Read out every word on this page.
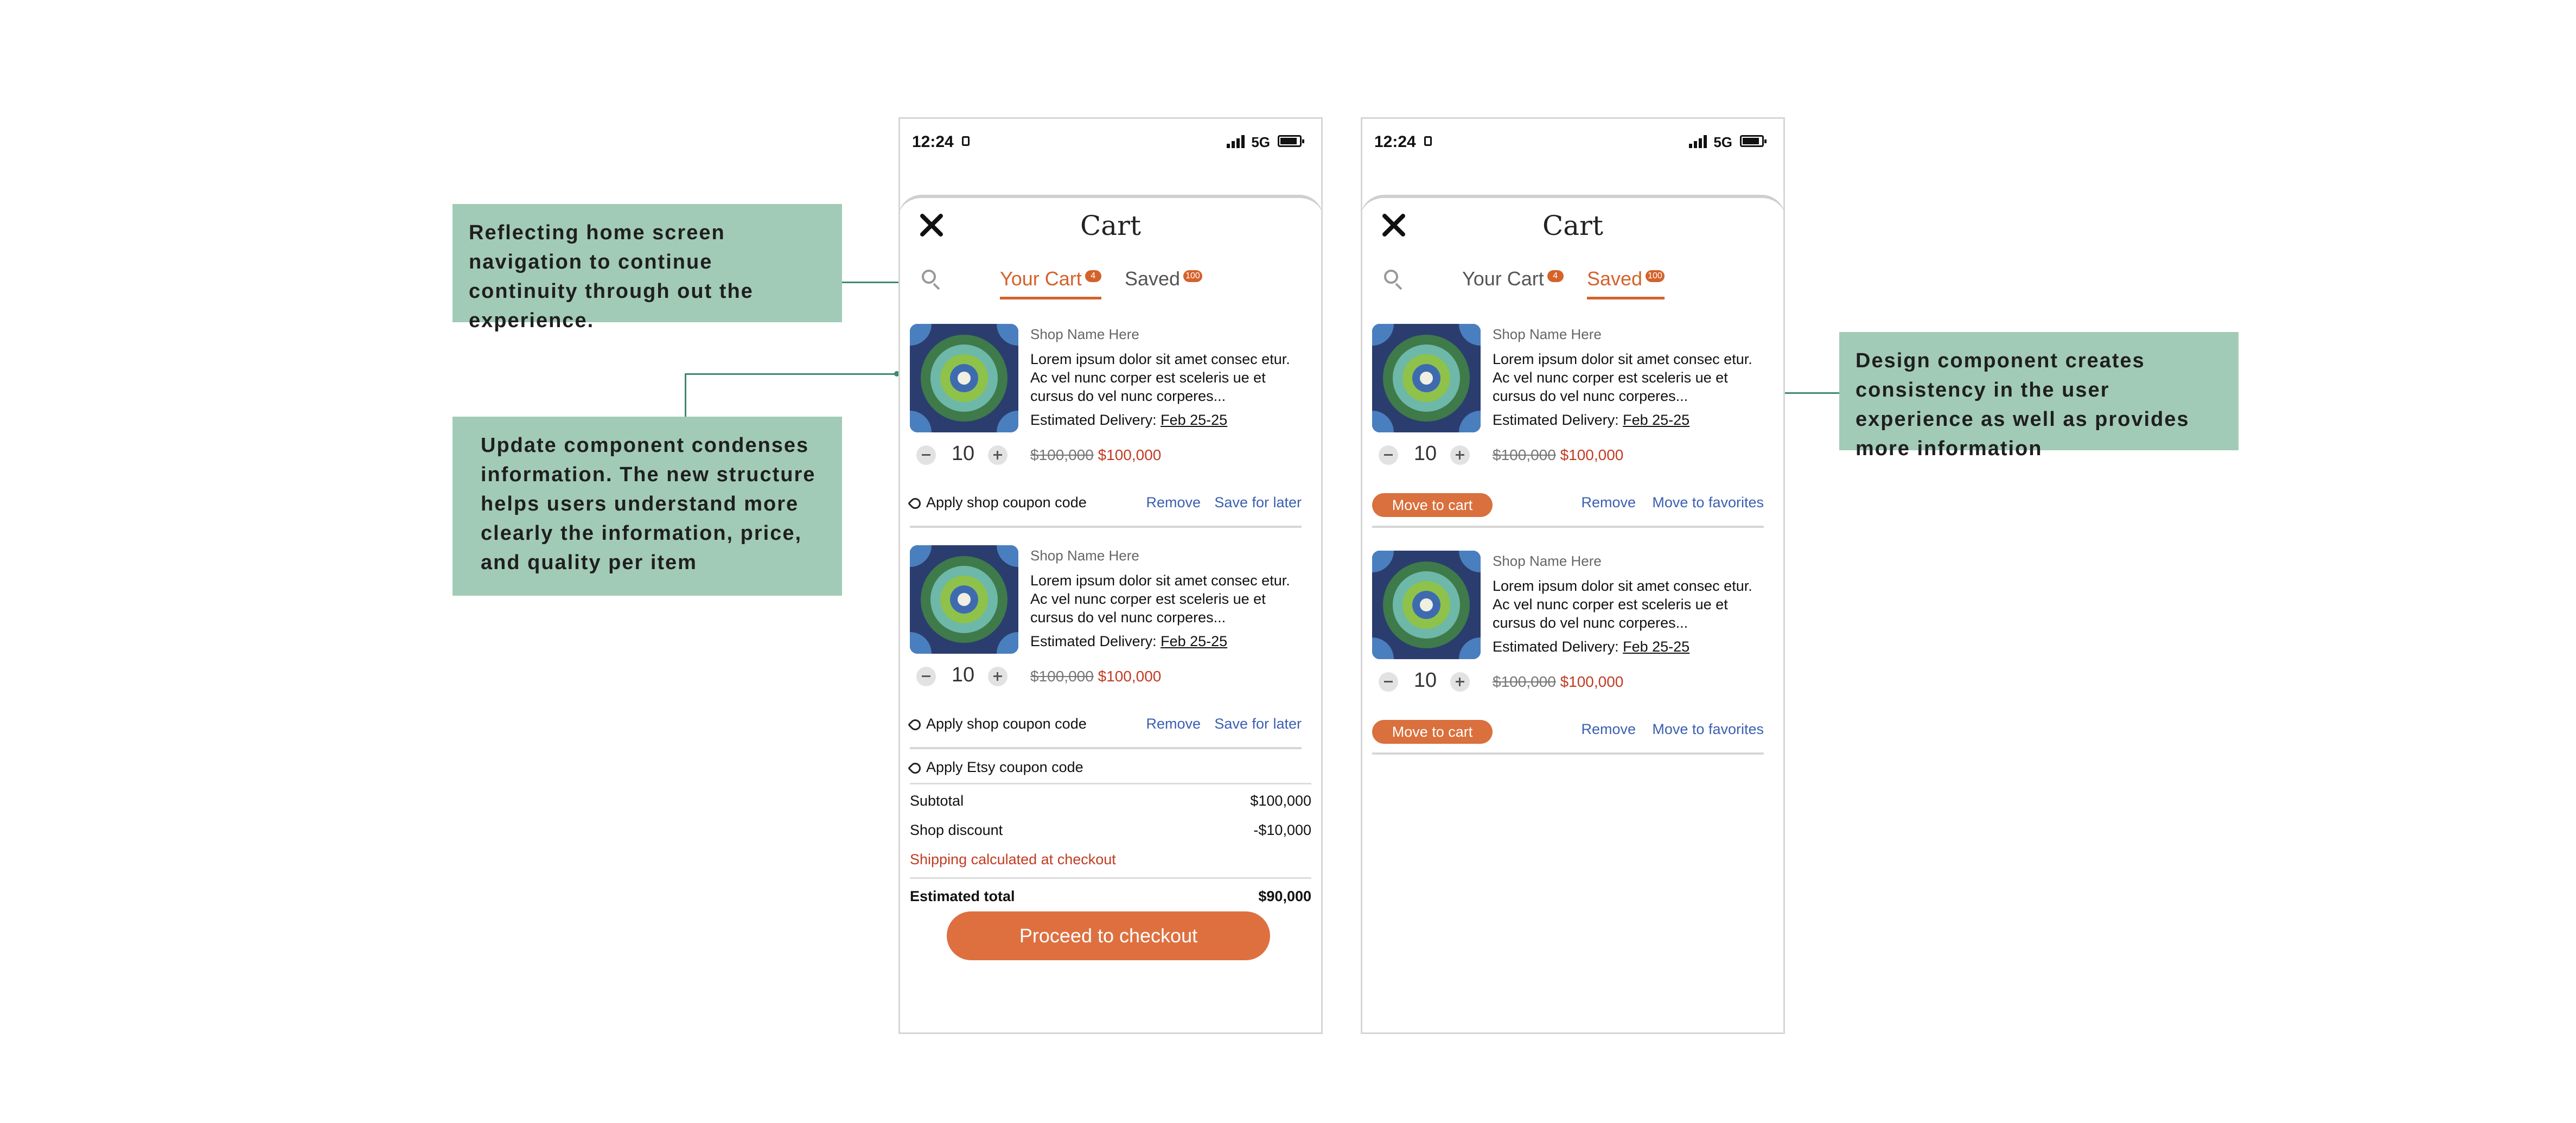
Reflecting home screen navigation to continue continuity through out the experience.
Update component condenses information. The new structure helps users understand more clearly the information, price, and quality per item
Design component creates consistency in the user experience as well as provides more information
12:24	5G
Cart
Your Cart 4 Saved 100
Shop Name Here
Lorem ipsum dolor sit amet consec etur. Ac vel nunc corper est sceleris ue et cursus do vel nunc corperes...
Estimated Delivery: Feb 25-25
10	$100,000 $100,000
Apply shop coupon code	Remove Save for later
Shop Name Here
Lorem ipsum dolor sit amet consec etur. Ac vel nunc corper est sceleris ue et cursus do vel nunc corperes...
Estimated Delivery: Feb 25-25
10	$100,000 $100,000
Apply shop coupon code	Remove Save for later
Apply Etsy coupon code
Subtotal	$100,000
Shop discount	-$10,000
Shipping calculated at checkout
Estimated total	$90,000
Proceed to checkout
12:24	5G
Cart
Your Cart 4 Saved 100
Shop Name Here
Lorem ipsum dolor sit amet consec etur. Ac vel nunc corper est sceleris ue et cursus do vel nunc corperes...
Estimated Delivery: Feb 25-25
10	$100,000 $100,000
Move to cart	Remove Move to favorites
Shop Name Here
Lorem ipsum dolor sit amet consec etur. Ac vel nunc corper est sceleris ue et cursus do vel nunc corperes...
Estimated Delivery: Feb 25-25
10	$100,000 $100,000
Move to cart	Remove Move to favorites
